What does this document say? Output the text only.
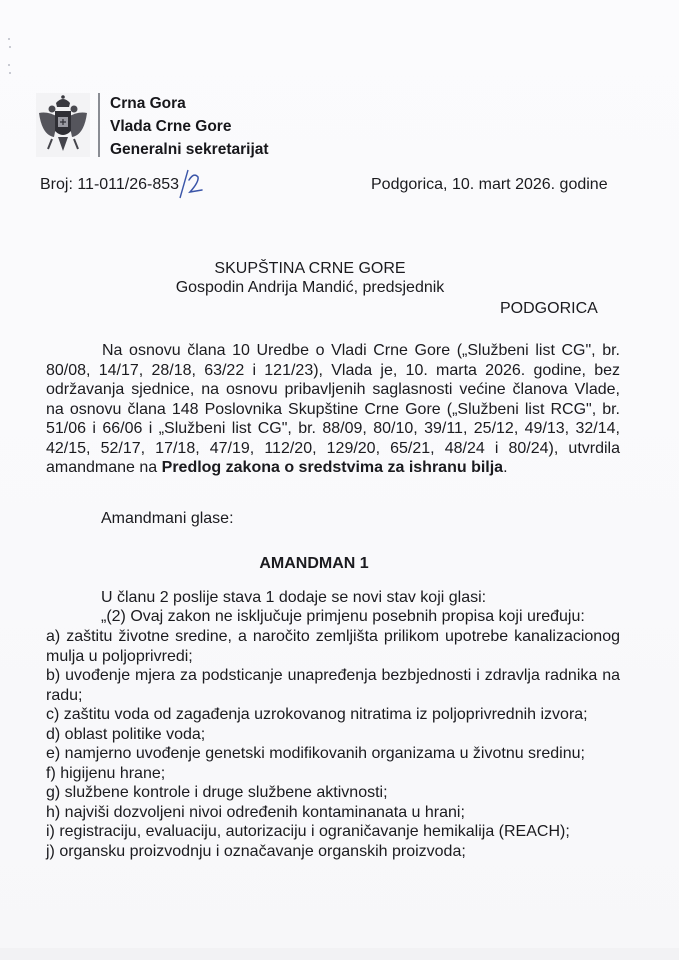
Crna Gora
Vlada Crne Gore
Generalni sekretarijat
Broj: 11-011/26-853	Podgorica, 10. mart 2026. godine
SKUPŠTINA CRNE GORE
Gospodin Andrija Mandić, predsjednik
PODGORICA
Na osnovu člana 10 Uredbe o Vladi Crne Gore („Službeni list CG", br. 80/08, 14/17, 28/18, 63/22 i 121/23), Vlada je, 10. marta 2026. godine, bez održavanja sjednice, na osnovu pribavljenih saglasnosti većine članova Vlade, na osnovu člana 148 Poslovnika Skupštine Crne Gore („Službeni list RCG", br. 51/06 i 66/06 i „Službeni list CG", br. 88/09, 80/10, 39/11, 25/12, 49/13, 32/14, 42/15, 52/17, 17/18, 47/19, 112/20, 129/20, 65/21, 48/24 i 80/24), utvrdila amandmane na Predlog zakona o sredstvima za ishranu bilja.
Amandmani glase:
AMANDMAN 1
U članu 2 poslije stava 1 dodaje se novi stav koji glasi:
„(2) Ovaj zakon ne isključuje primjenu posebnih propisa koji uređuju:
a) zaštitu životne sredine, a naročito zemljišta prilikom upotrebe kanalizacionog mulja u poljoprivredi;
b) uvođenje mjera za podsticanje unapređenja bezbjednosti i zdravlja radnika na radu;
c) zaštitu voda od zagađenja uzrokovanog nitratima iz poljoprivrednih izvora;
d) oblast politike voda;
e) namjerno uvođenje genetski modifikovanih organizama u životnu sredinu;
f) higijenu hrane;
g) službene kontrole i druge službene aktivnosti;
h) najviši dozvoljeni nivoi određenih kontaminanata u hrani;
i) registraciju, evaluaciju, autorizaciju i ograničavanje hemikalija (REACH);
j) organsku proizvodnju i označavanje organskih proizvoda;
